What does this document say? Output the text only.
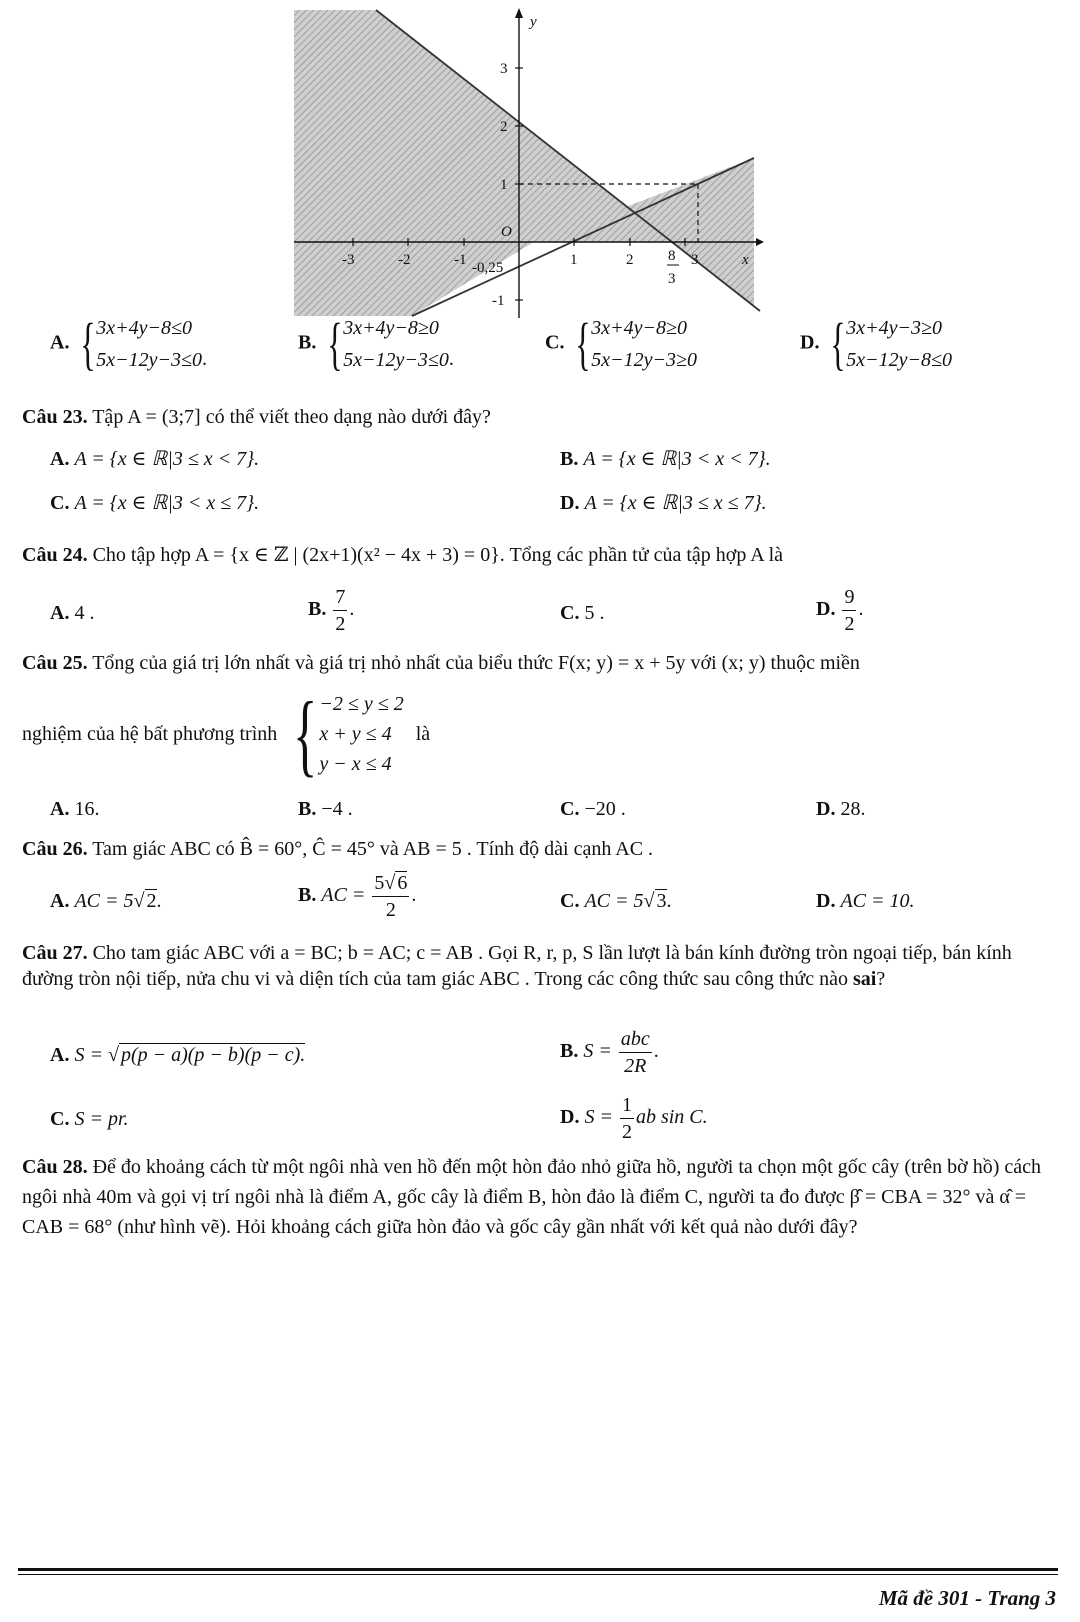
y
x
O
-3	-2	-1	1	2 8
3
3
3
2
1
-1
-0,25
A. { 3x+4y−8≤0
5x−12y−3≤0 .
B. { 3x+4y−8≥0
5x−12y−3≤0 .
C. { 3x+4y−8≥0
5x−12y−3≥0
D. { 3x+4y−3≥0
5x−12y−8≤0
Câu 23. Tập A = (3;7] có thể viết theo dạng nào dưới đây?
A. A = {x ∈ ℝ|3 ≤ x < 7}.	B. A = {x ∈ ℝ|3 < x < 7}.
C. A = {x ∈ ℝ|3 < x ≤ 7}.	D. A = {x ∈ ℝ|3 ≤ x ≤ 7}.
Câu 24. Cho tập hợp A = {x ∈ ℤ | (2x+1)(x² − 4x + 3) = 0}. Tổng các phần tử của tập hợp A là
A. 4 .	B. $\frac{7}{2}$ .	C. 5 .	D. $\frac{9}{2}$ .
Câu 25. Tổng của giá trị lớn nhất và giá trị nhỏ nhất của biểu thức F(x; y) = x + 5y với (x; y) thuộc miền
nghiệm của hệ bất phương trình { −2 ≤ y ≤ 2
x + y ≤ 4
y − x ≤ 4
là
A. 16.	B. −4 .	C. −20 .	D. 28.
Câu 26. Tam giác ABC có B̂ = 60°, Ĉ = 45° và AB = 5 . Tính độ dài cạnh AC .
A. AC = 5√ 2.	B. AC = $\frac{5√ 6}{2}$ .	C. AC = 5√ 3.	D. AC = 10.
Câu 27. Cho tam giác ABC với a = BC; b = AC; c = AB . Gọi R, r, p, S lần lượt là bán kính đường tròn ngoại tiếp, bán kính đường tròn nội tiếp, nửa chu vi và diện tích của tam giác ABC . Trong các công thức sau công thức nào sai?
A. S = √ p(p − a)(p − b)(p − c).	B. $S = \frac{\text{abc}}{2R}$ .
C. S = pr.	D. $S = \frac{1}{2}$ ab sin C.
Câu 28. Để đo khoảng cách từ một ngôi nhà ven hồ đến một hòn đảo nhỏ giữa hồ, người ta chọn một gốc cây (trên bờ hồ) cách ngôi nhà 40m và gọi vị trí ngôi nhà là điểm A, gốc cây là điểm B, hòn đảo là điểm C, người ta đo được β̂ = CBA = 32° và α̂ = CAB = 68° (như hình vẽ). Hỏi khoảng cách giữa hòn đảo và gốc cây gần nhất với kết quả nào dưới đây?
Mã đề 301 - Trang 3
